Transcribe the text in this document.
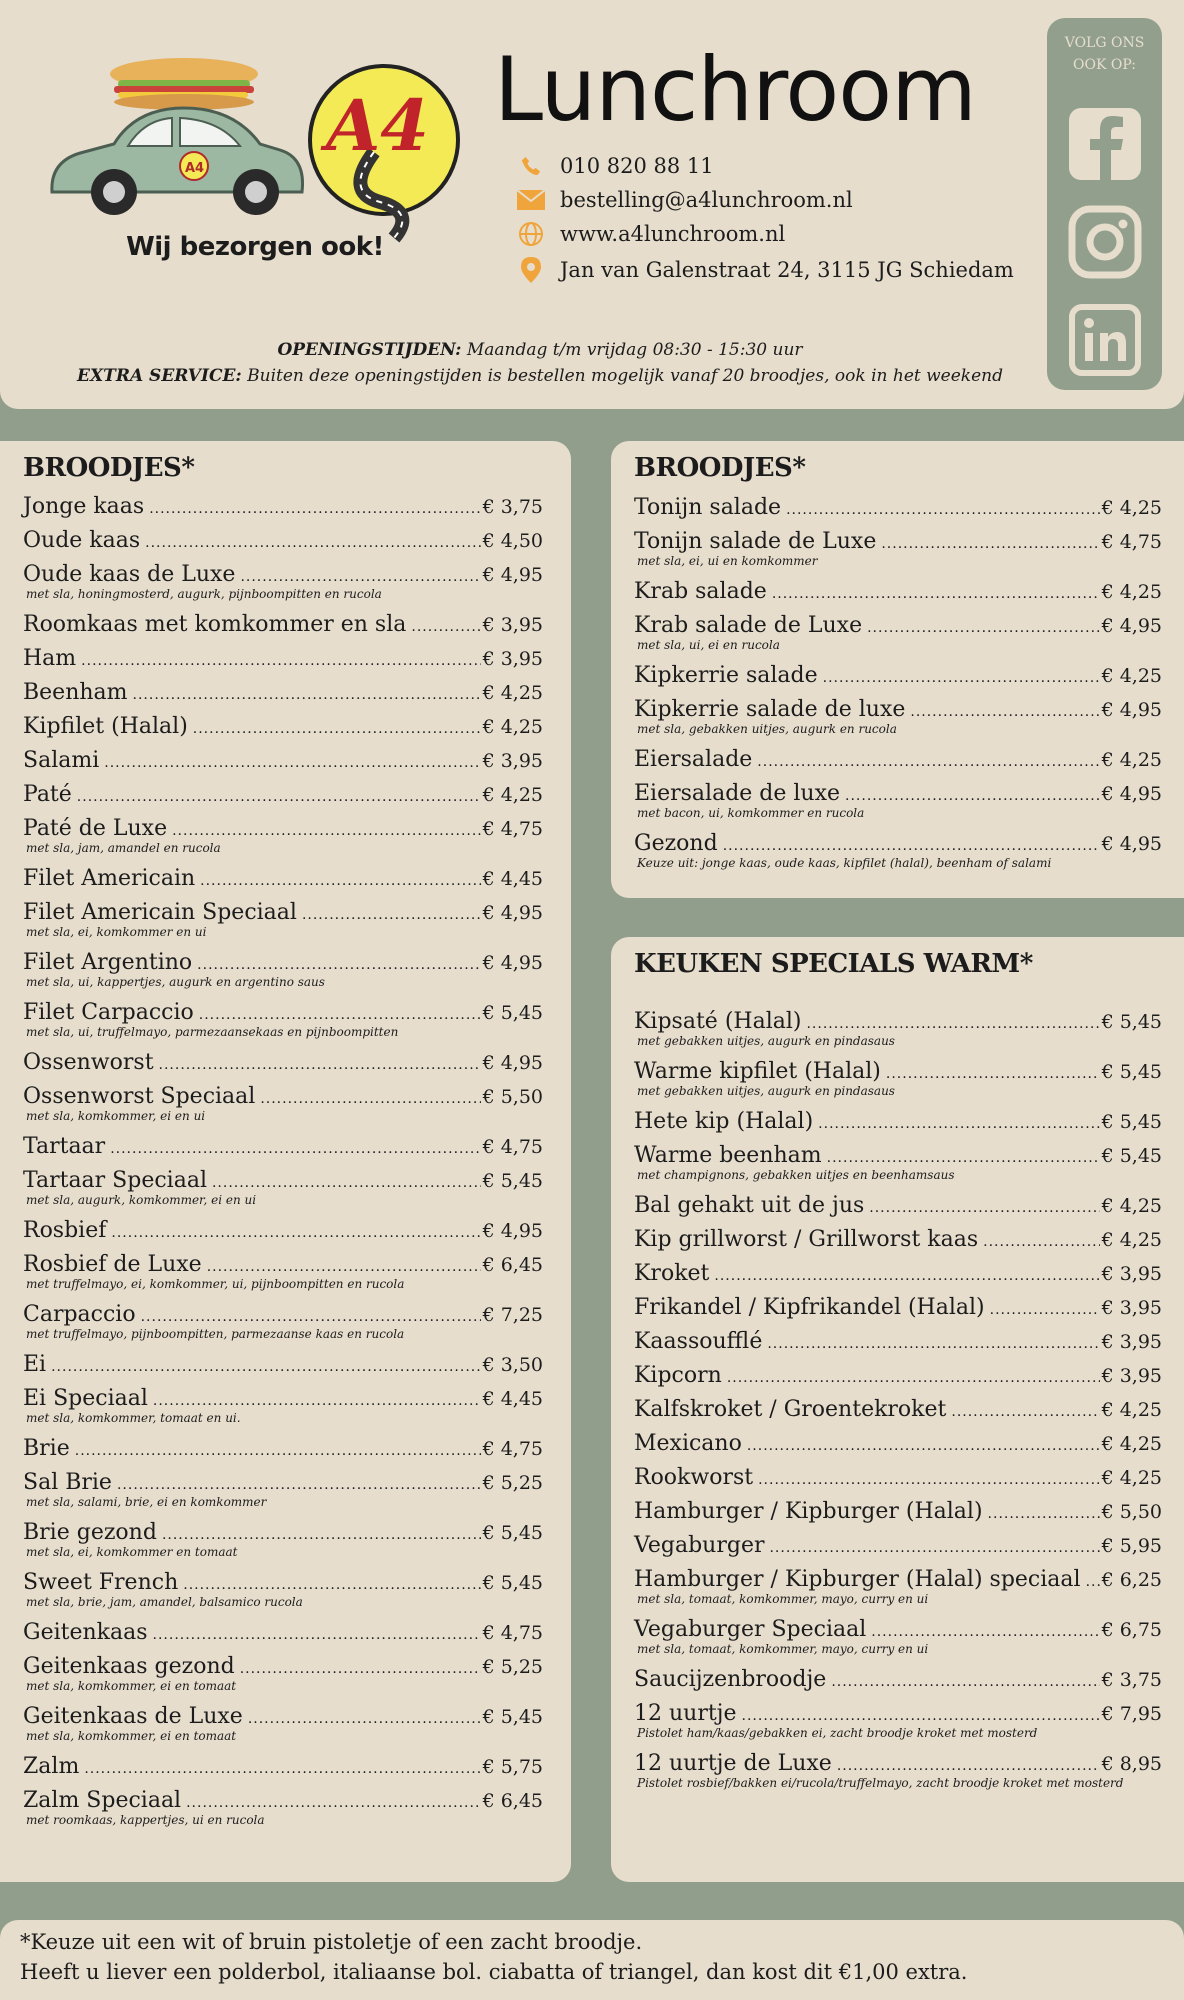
A4
A4
Wij bezorgen ook!
Lunchroom
010 820 88 11
bestelling@a4lunchroom.nl
www.a4lunchroom.nl
Jan van Galenstraat 24, 3115 JG Schiedam
OPENINGSTIJDEN: Maandag t/m vrijdag 08:30 - 15:30 uur
EXTRA SERVICE: Buiten deze openingstijden is bestellen mogelijk vanaf 20 broodjes, ook in het weekend
VOLG ONS
OOK OP:
BROODJES*
Jonge kaas .....	€ 3,75
Oude kaas .....	€ 4,50
Oude kaas de Luxe .....	€ 4,95
met sla, honingmosterd, augurk, pijnboompitten en rucola
Roomkaas met komkommer en sla .....	€ 3,95
Ham .....	€ 3,95
Beenham .....	€ 4,25
Kipfilet (Halal) .....	€ 4,25
Salami .....	€ 3,95
Paté .....	€ 4,25
Paté de Luxe .....	€ 4,75
met sla, jam, amandel en rucola
Filet Americain .....	€ 4,45
Filet Americain Speciaal .....	€ 4,95
met sla, ei, komkommer en ui
Filet Argentino .....	€ 4,95
met sla, ui, kappertjes, augurk en argentino saus
Filet Carpaccio .....	€ 5,45
met sla, ui, truffelmayo, parmezaansekaas en pijnboompitten
Ossenworst .....	€ 4,95
Ossenworst Speciaal .....	€ 5,50
met sla, komkommer, ei en ui
Tartaar .....	€ 4,75
Tartaar Speciaal .....	€ 5,45
met sla, augurk, komkommer, ei en ui
Rosbief .....	€ 4,95
Rosbief de Luxe .....	€ 6,45
met truffelmayo, ei, komkommer, ui, pijnboompitten en rucola
Carpaccio .....	€ 7,25
met truffelmayo, pijnboompitten, parmezaanse kaas en rucola
Ei .....	€ 3,50
Ei Speciaal .....	€ 4,45
met sla, komkommer, tomaat en ui.
Brie .....	€ 4,75
Sal Brie .....	€ 5,25
met sla, salami, brie, ei en komkommer
Brie gezond .....	€ 5,45
met sla, ei, komkommer en tomaat
Sweet French .....	€ 5,45
met sla, brie, jam, amandel, balsamico rucola
Geitenkaas .....	€ 4,75
Geitenkaas gezond .....	€ 5,25
met sla, komkommer, ei en tomaat
Geitenkaas de Luxe .....	€ 5,45
met sla, komkommer, ei en tomaat
Zalm .....	€ 5,75
Zalm Speciaal .....	€ 6,45
met roomkaas, kappertjes, ui en rucola
BROODJES*
Tonijn salade .....	€ 4,25
Tonijn salade de Luxe .....	€ 4,75
met sla, ei, ui en komkommer
Krab salade .....	€ 4,25
Krab salade de Luxe .....	€ 4,95
met sla, ui, ei en rucola
Kipkerrie salade .....	€ 4,25
Kipkerrie salade de luxe .....	€ 4,95
met sla, gebakken uitjes, augurk en rucola
Eiersalade .....	€ 4,25
Eiersalade de luxe .....	€ 4,95
met bacon, ui, komkommer en rucola
Gezond .....	€ 4,95
Keuze uit: jonge kaas, oude kaas, kipfilet (halal), beenham of salami
KEUKEN SPECIALS WARM*
Kipsaté (Halal) .....	€ 5,45
met gebakken uitjes, augurk en pindasaus
Warme kipfilet (Halal) .....	€ 5,45
met gebakken uitjes, augurk en pindasaus
Hete kip (Halal) .....	€ 5,45
Warme beenham .....	€ 5,45
met champignons, gebakken uitjes en beenhamsaus
Bal gehakt uit de jus .....	€ 4,25
Kip grillworst / Grillworst kaas .....	€ 4,25
Kroket .....	€ 3,95
Frikandel / Kipfrikandel (Halal) .....	€ 3,95
Kaassoufflé .....	€ 3,95
Kipcorn .....	€ 3,95
Kalfskroket / Groentekroket .....	€ 4,25
Mexicano .....	€ 4,25
Rookworst .....	€ 4,25
Hamburger / Kipburger (Halal) .....	€ 5,50
Vegaburger .....	€ 5,95
Hamburger / Kipburger (Halal) speciaal ..... € 6,25
met sla, tomaat, komkommer, mayo, curry en ui
Vegaburger Speciaal .....	€ 6,75
met sla, tomaat, komkommer, mayo, curry en ui
Saucijzenbroodje .....	€ 3,75
12 uurtje .....	€ 7,95
Pistolet ham/kaas/gebakken ei, zacht broodje kroket met mosterd
12 uurtje de Luxe .....	€ 8,95
Pistolet rosbief/bakken ei/rucola/truffelmayo, zacht broodje kroket met mosterd
*Keuze uit een wit of bruin pistoletje of een zacht broodje.
Heeft u liever een polderbol, italiaanse bol. ciabatta of triangel, dan kost dit €1,00 extra.
